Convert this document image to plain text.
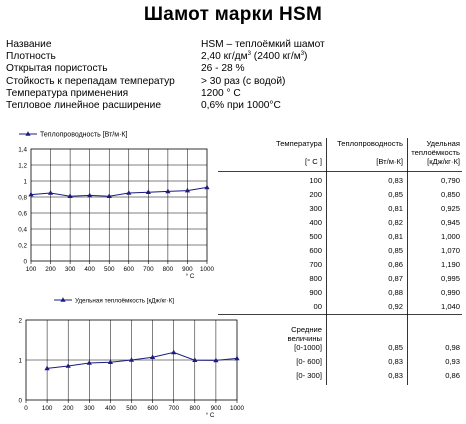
Шамот марки HSM
Название	HSM – теплоёмкий шамот
Плотность	2,40 $кг/дм^3$ (2400 $кг/м^3$)
Открытая пористость	26 - 28 %
Стойкость к перепадам температур	> 30 раз (с водой)
Температура применения	1200 ° С
Тепловое линейное расширение	0,6% при 1000°С
0
0,2
0,4
0,6
0,8
1
1,2
1,4
100 200 300 400 500 600 700 800 900 1000
° С
Теплопроводность [Вт/м·К]
0
1
2
0 100 200 300 400 500 600 700 800 900 1000
° С
Удельная теплоёмкость [кДж/кг·К]
Температура
[° С ]
Теплопроводность
[Вт/м·К]
Удельная
теплоёмкость
[кДж/кг·К]
100	0,83	0,790
200	0,85	0,850
300	0,81	0,925
400	0,82	0,945
500	0,81	1,000
600	0,85	1,070
700	0,86	1,190
800	0,87	0,995
900	0,88	0,990
00	0,92	1,040
Средние
величины
[0-1000]	0,85	0,98
[0- 600]	0,83	0,93
[0- 300]	0,83	0,86
